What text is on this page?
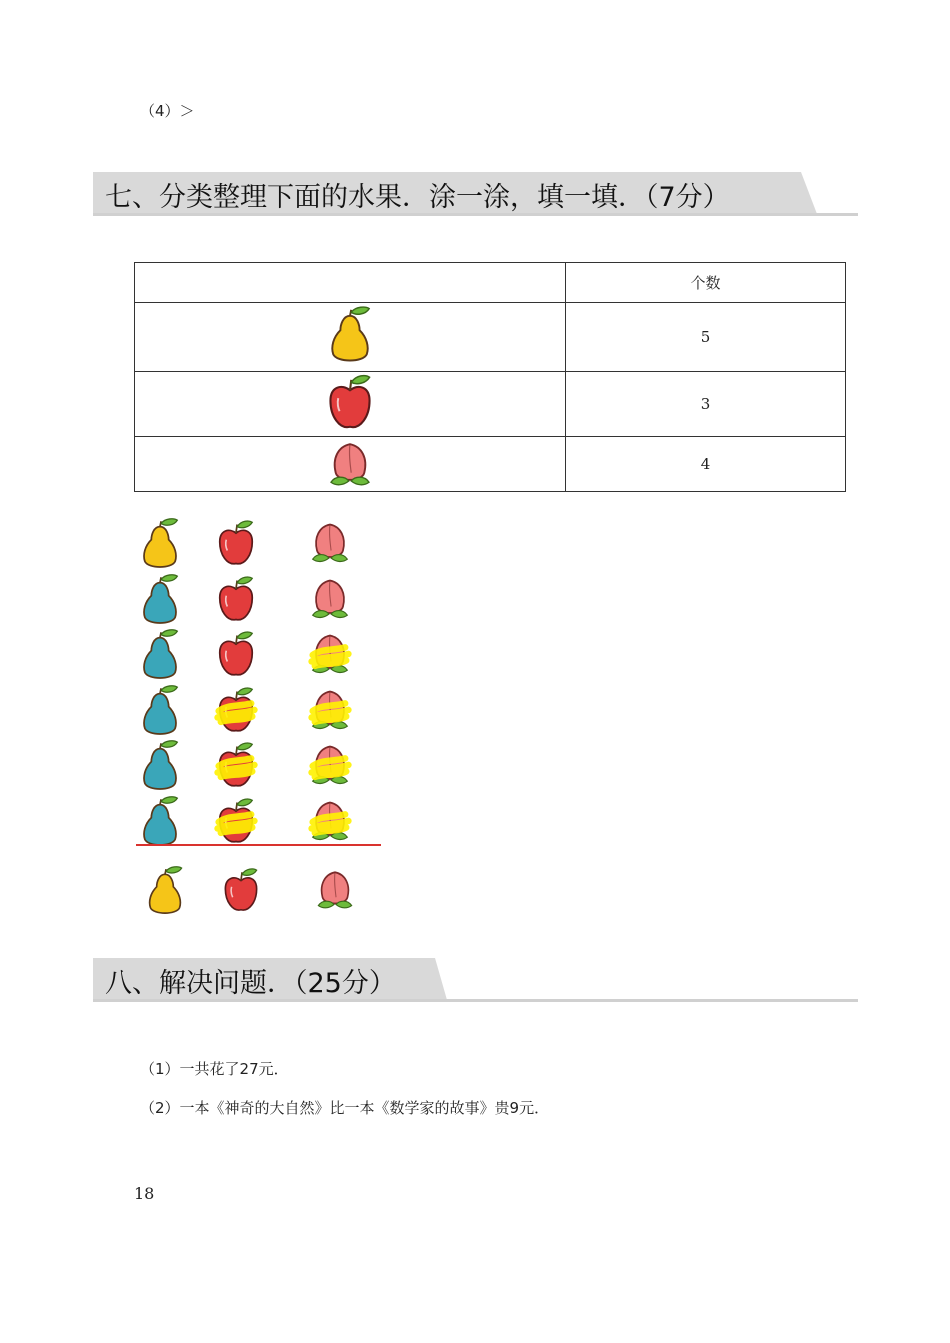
（4）＞
七、分类整理下面的水果．涂一涂，填一填．（7分）
	个数
	5
	3
	4
八、解决问题．（25分）
（1）一共花了27元．
（2）一本《神奇的大自然》比一本《数学家的故事》贵9元．
18
